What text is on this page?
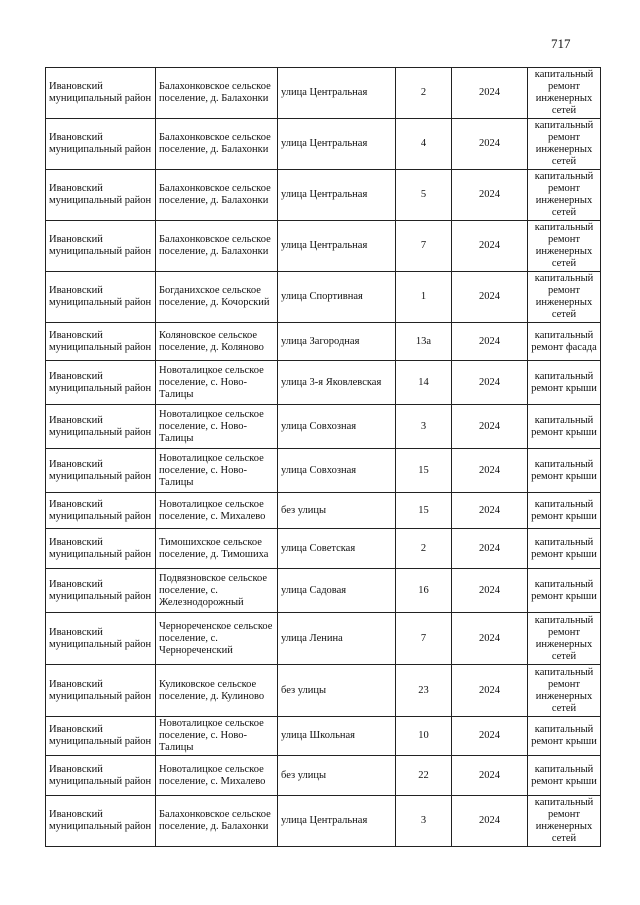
717
Ивановский муниципальный район	Балахонковское сельское поселение, д. Балахонки	улица Центральная	2	2024	капитальный ремонт инженерных сетей
Ивановский муниципальный район	Балахонковское сельское поселение, д. Балахонки	улица Центральная	4	2024	капитальный ремонт инженерных сетей
Ивановский муниципальный район	Балахонковское сельское поселение, д. Балахонки	улица Центральная	5	2024	капитальный ремонт инженерных сетей
Ивановский муниципальный район	Балахонковское сельское поселение, д. Балахонки	улица Центральная	7	2024	капитальный ремонт инженерных сетей
Ивановский муниципальный район	Богданихское сельское поселение, д. Кочорский	улица Спортивная	1	2024	капитальный ремонт инженерных сетей
Ивановский муниципальный район	Коляновское сельское поселение, д. Коляново	улица Загородная	13а	2024	капитальный ремонт фасада
Ивановский муниципальный район	Новоталицкое сельское поселение, с. Ново-Талицы	улица 3-я Яковлевская	14	2024	капитальный ремонт крыши
Ивановский муниципальный район	Новоталицкое сельское поселение, с. Ново-Талицы	улица Совхозная	3	2024	капитальный ремонт крыши
Ивановский муниципальный район	Новоталицкое сельское поселение, с. Ново-Талицы	улица Совхозная	15	2024	капитальный ремонт крыши
Ивановский муниципальный район	Новоталицкое сельское поселение, с. Михалево	без улицы	15	2024	капитальный ремонт крыши
Ивановский муниципальный район	Тимошихское сельское поселение, д. Тимошиха	улица Советская	2	2024	капитальный ремонт крыши
Ивановский муниципальный район	Подвязновское сельское поселение, с. Железнодорожный	улица Садовая	16	2024	капитальный ремонт крыши
Ивановский муниципальный район	Чернореченское сельское поселение, с. Чернореченский	улица Ленина	7	2024	капитальный ремонт инженерных сетей
Ивановский муниципальный район	Куликовское сельское поселение, д. Кулиново	без улицы	23	2024	капитальный ремонт инженерных сетей
Ивановский муниципальный район	Новоталицкое сельское поселение, с. Ново-Талицы	улица Школьная	10	2024	капитальный ремонт крыши
Ивановский муниципальный район	Новоталицкое сельское поселение, с. Михалево	без улицы	22	2024	капитальный ремонт крыши
Ивановский муниципальный район	Балахонковское сельское поселение, д. Балахонки	улица Центральная	3	2024	капитальный ремонт инженерных сетей
